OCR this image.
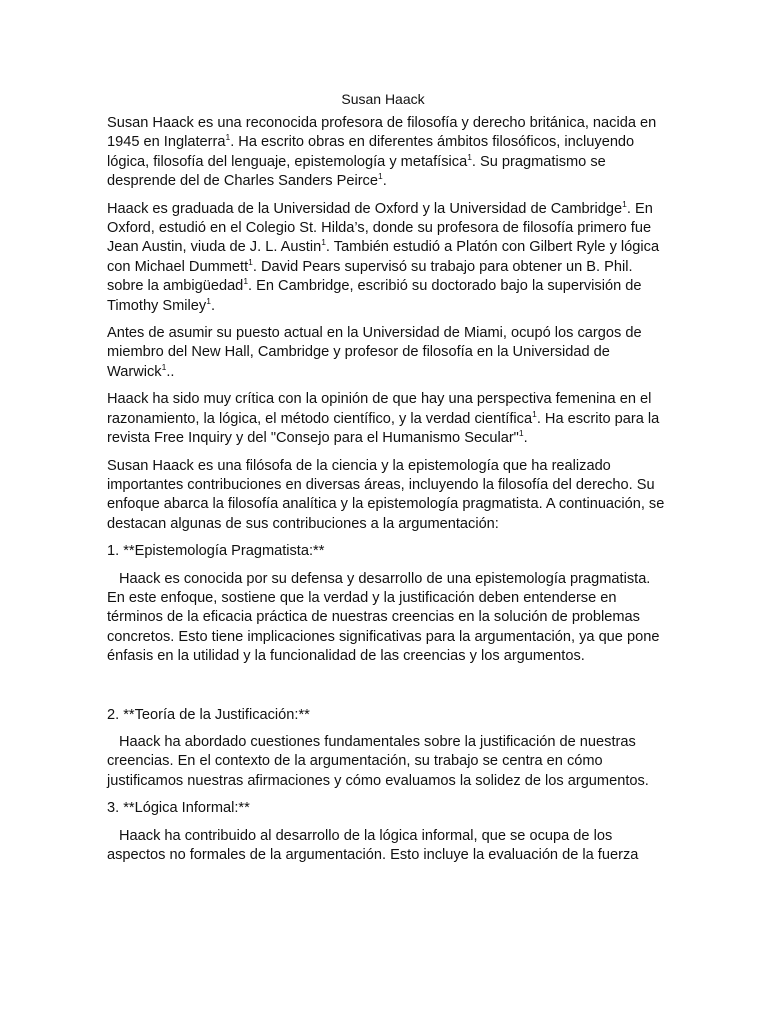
Susan Haack

Susan Haack es una reconocida profesora de filosofía y derecho británica, nacida en 1945 en Inglaterra$^1$. Ha escrito obras en diferentes ámbitos filosóficos, incluyendo lógica, filosofía del lenguaje, epistemología y metafísica$^1$. Su pragmatismo se desprende del de Charles Sanders Peirce$^1$.

Haack es graduada de la Universidad de Oxford y la Universidad de Cambridge$^1$. En Oxford, estudió en el Colegio St. Hilda’s, donde su profesora de filosofía primero fue Jean Austin, viuda de J. L. Austin$^1$. También estudió a Platón con Gilbert Ryle y lógica con Michael Dummett$^1$. David Pears supervisó su trabajo para obtener un B. Phil. sobre la ambigüedad$^1$. En Cambridge, escribió su doctorado bajo la supervisión de Timothy Smiley$^1$.

Antes de asumir su puesto actual en la Universidad de Miami, ocupó los cargos de miembro del New Hall, Cambridge y profesor de filosofía en la Universidad de Warwick$^1$..

Haack ha sido muy crítica con la opinión de que hay una perspectiva femenina en el razonamiento, la lógica, el método científico, y la verdad científica$^1$. Ha escrito para la revista Free Inquiry y del "Consejo para el Humanismo Secular"$^1$.

Susan Haack es una filósofa de la ciencia y la epistemología que ha realizado importantes contribuciones en diversas áreas, incluyendo la filosofía del derecho. Su enfoque abarca la filosofía analítica y la epistemología pragmatista. A continuación, se destacan algunas de sus contribuciones a la argumentación:

1. **Epistemología Pragmatista:**

Haack es conocida por su defensa y desarrollo de una epistemología pragmatista. En este enfoque, sostiene que la verdad y la justificación deben entenderse en términos de la eficacia práctica de nuestras creencias en la solución de problemas concretos. Esto tiene implicaciones significativas para la argumentación, ya que pone énfasis en la utilidad y la funcionalidad de las creencias y los argumentos.

2. **Teoría de la Justificación:**

Haack ha abordado cuestiones fundamentales sobre la justificación de nuestras creencias. En el contexto de la argumentación, su trabajo se centra en cómo justificamos nuestras afirmaciones y cómo evaluamos la solidez de los argumentos.

3. **Lógica Informal:**

Haack ha contribuido al desarrollo de la lógica informal, que se ocupa de los aspectos no formales de la argumentación. Esto incluye la evaluación de la fuerza
